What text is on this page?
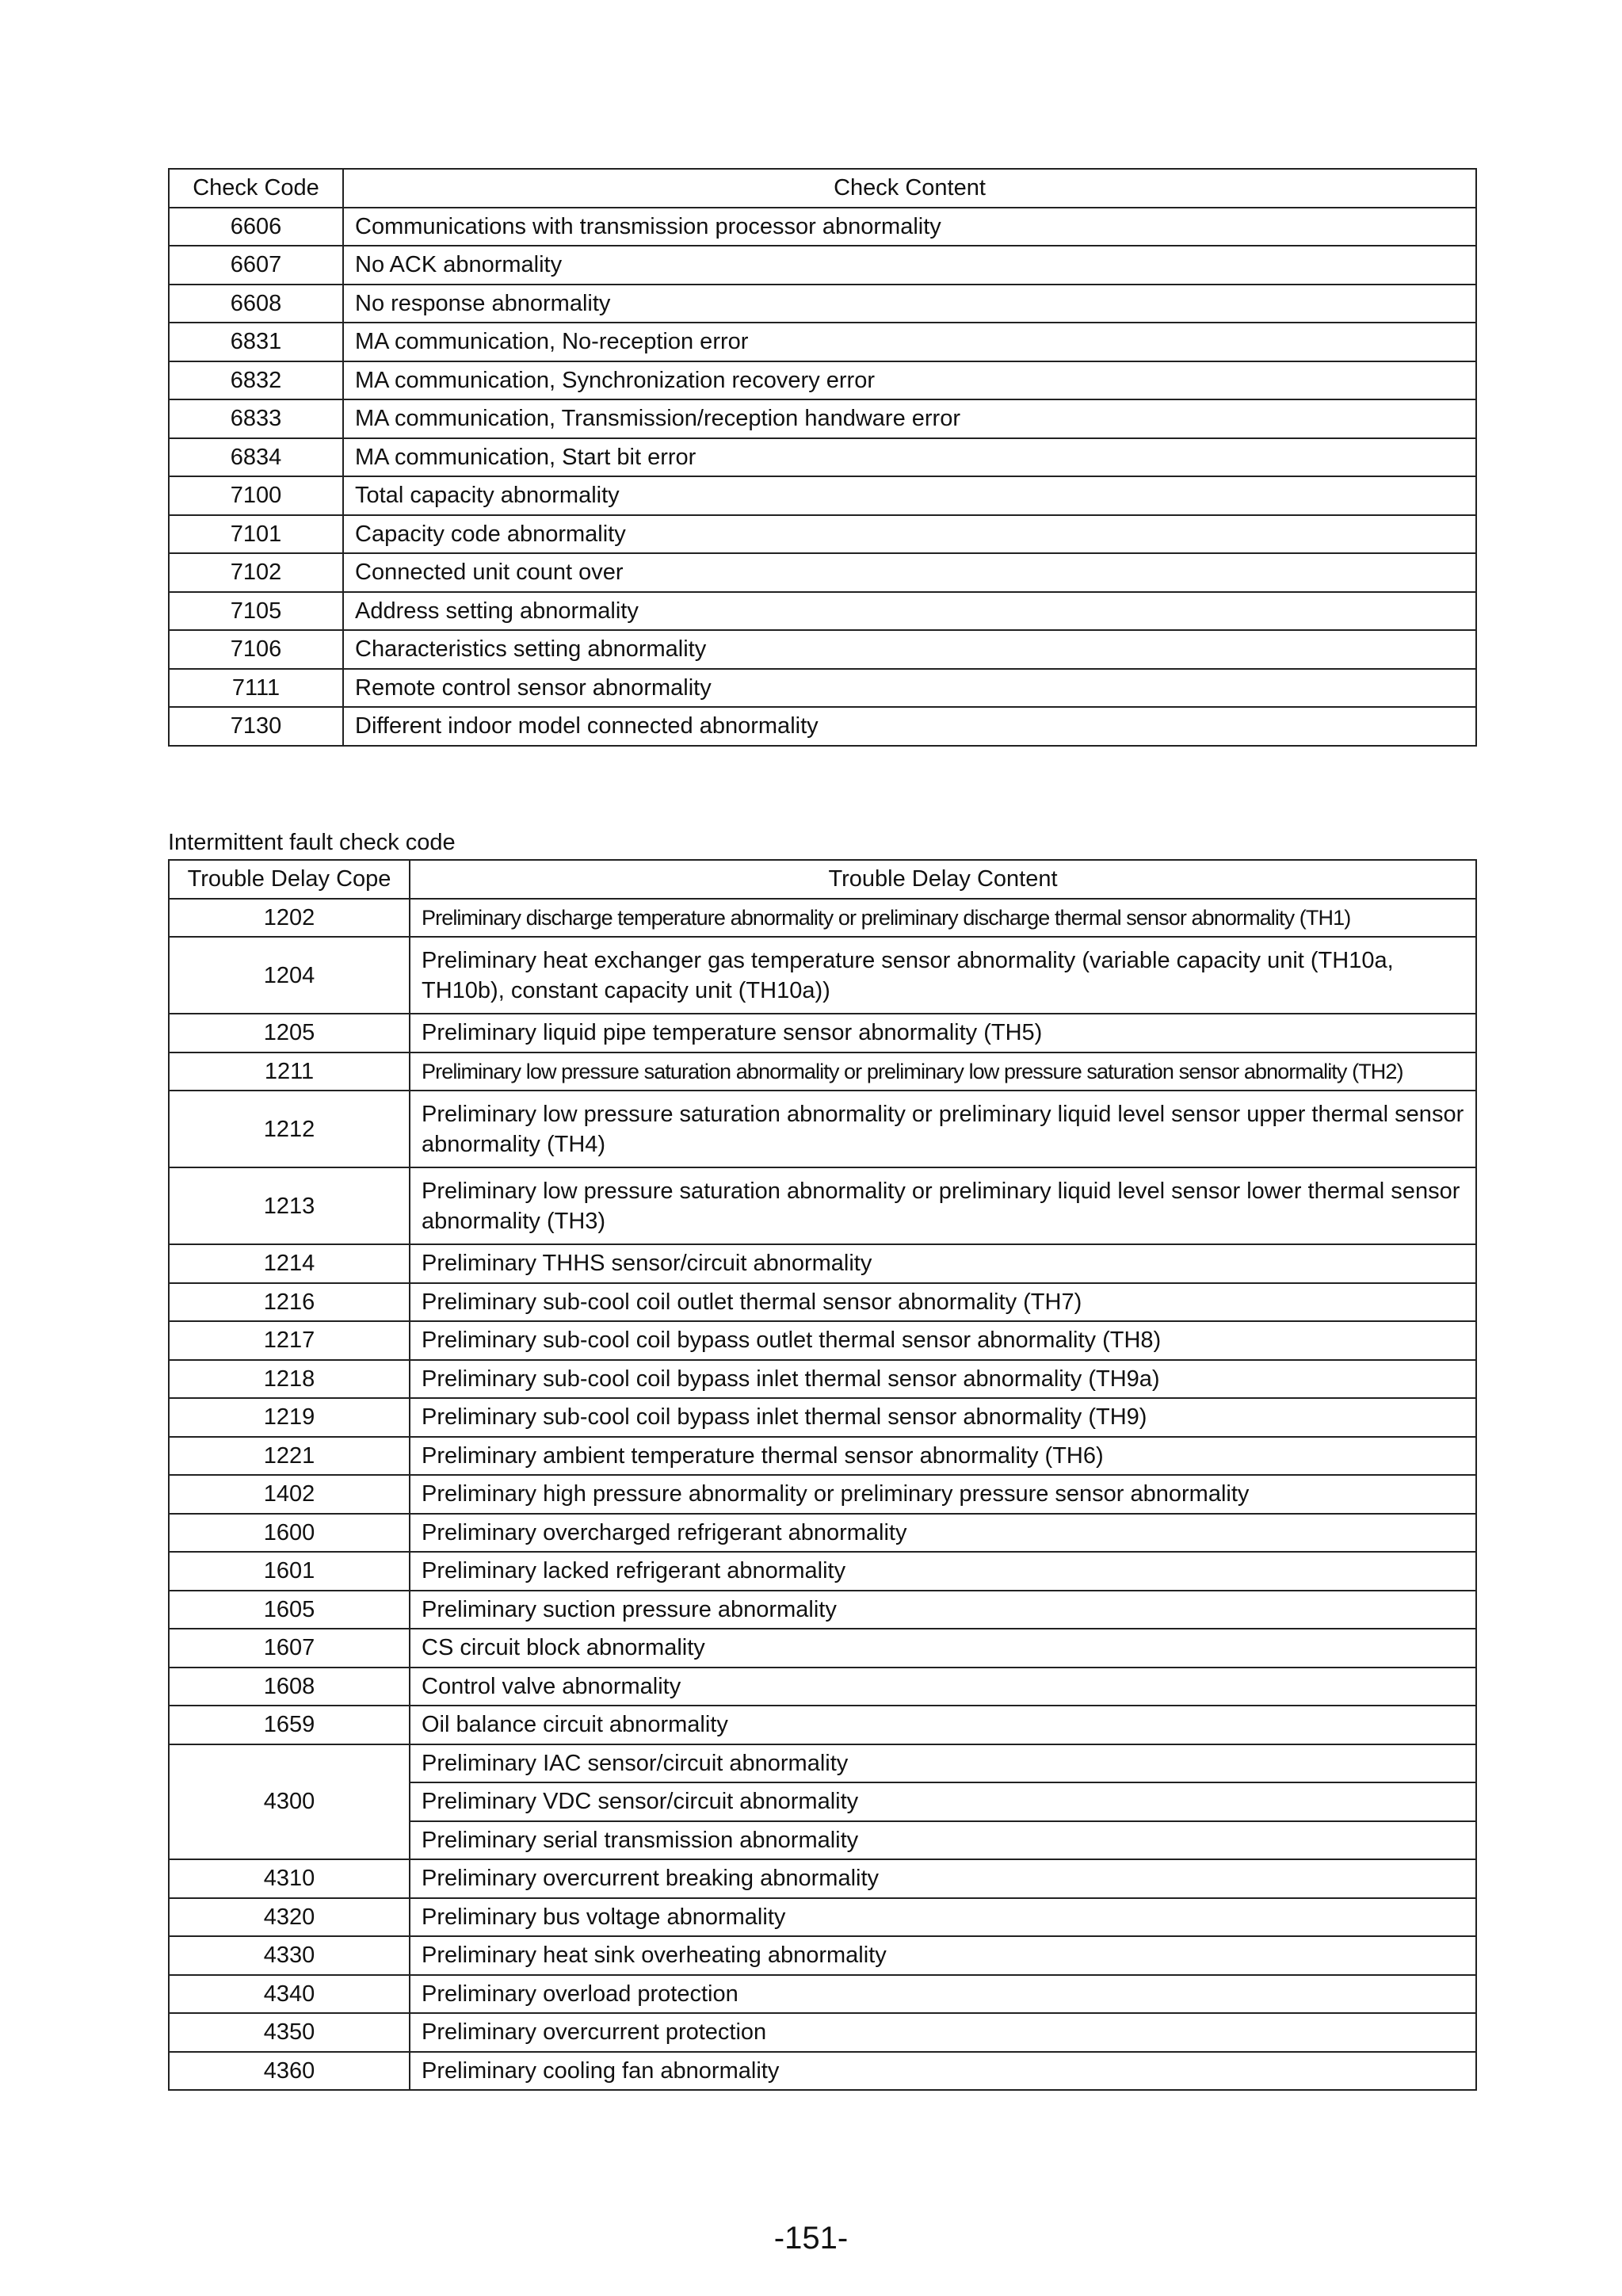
Check Code	Check Content
6606	Communications with transmission processor abnormality
6607	No ACK abnormality
6608	No response abnormality
6831	MA communication, No-reception error
6832	MA communication, Synchronization recovery error
6833	MA communication, Transmission/reception handware error
6834	MA communication, Start bit error
7100	Total capacity abnormality
7101	Capacity code abnormality
7102	Connected unit count over
7105	Address setting abnormality
7106	Characteristics setting abnormality
7111	Remote control sensor abnormality
7130	Different indoor model connected abnormality
Intermittent fault check code
Trouble Delay Cope	Trouble Delay Content
1202	Preliminary discharge temperature abnormality or preliminary discharge thermal sensor abnormality (TH1)
1204	Preliminary heat exchanger gas temperature sensor abnormality (variable capacity unit (TH10a, TH10b), constant capacity unit (TH10a))
1205	Preliminary liquid pipe temperature sensor abnormality (TH5)
1211	Preliminary low pressure saturation abnormality or preliminary low pressure saturation sensor abnormality (TH2)
1212	Preliminary low pressure saturation abnormality or preliminary liquid level sensor upper thermal sensor abnormality (TH4)
1213	Preliminary low pressure saturation abnormality or preliminary liquid level sensor lower thermal sensor abnormality (TH3)
1214	Preliminary THHS sensor/circuit abnormality
1216	Preliminary sub-cool coil outlet thermal sensor abnormality (TH7)
1217	Preliminary sub-cool coil bypass outlet thermal sensor abnormality (TH8)
1218	Preliminary sub-cool coil bypass inlet thermal sensor abnormality (TH9a)
1219	Preliminary sub-cool coil bypass inlet thermal sensor abnormality (TH9)
1221	Preliminary ambient temperature thermal sensor abnormality (TH6)
1402	Preliminary high pressure abnormality or preliminary pressure sensor abnormality
1600	Preliminary overcharged refrigerant abnormality
1601	Preliminary lacked refrigerant abnormality
1605	Preliminary suction pressure abnormality
1607	CS circuit block abnormality
1608	Control valve abnormality
1659	Oil balance circuit abnormality
4300	Preliminary IAC sensor/circuit abnormality
	Preliminary VDC sensor/circuit abnormality
	Preliminary serial transmission abnormality
4310	Preliminary overcurrent breaking abnormality
4320	Preliminary bus voltage abnormality
4330	Preliminary heat sink overheating abnormality
4340	Preliminary overload protection
4350	Preliminary overcurrent protection
4360	Preliminary cooling fan abnormality
-151-
